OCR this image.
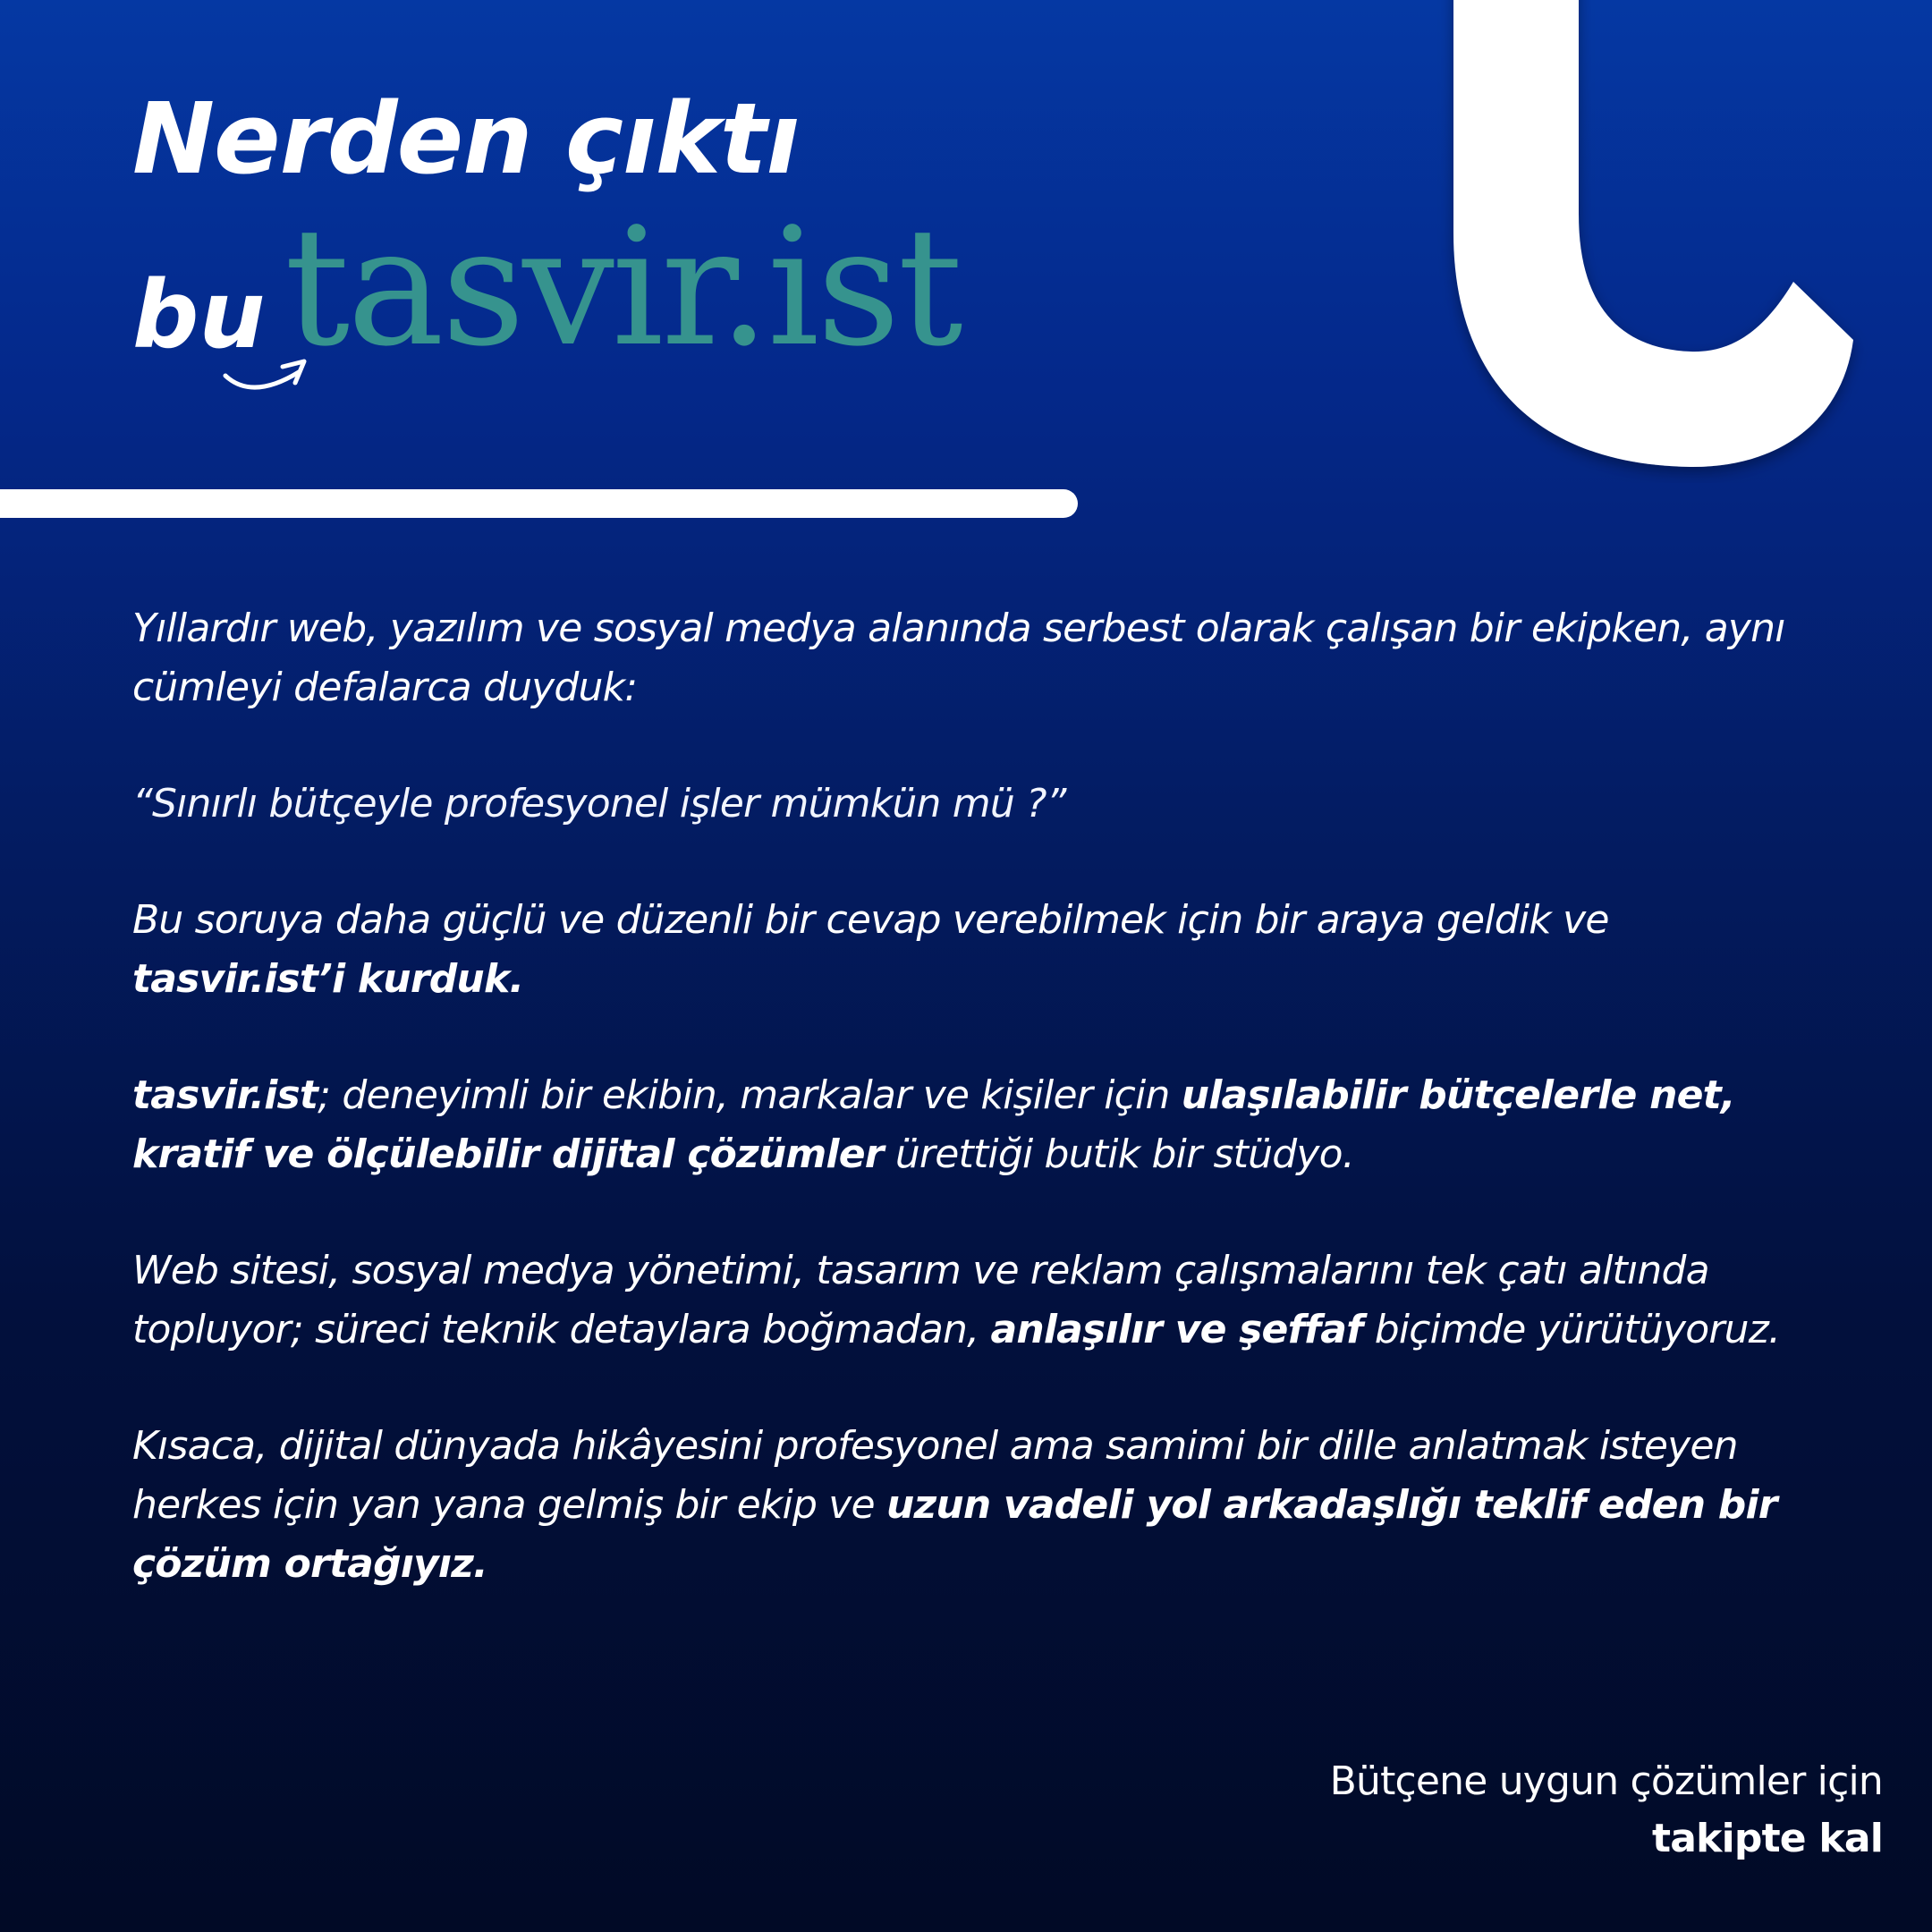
Nerden çıktı
bu tasvir.ist

Yıllardır web, yazılım ve sosyal medya alanında serbest olarak çalışan bir ekipken, aynı cümleyi defalarca duyduk:

“Sınırlı bütçeyle profesyonel işler mümkün mü ?”

Bu soruya daha güçlü ve düzenli bir cevap verebilmek için bir araya geldik ve tasvir.ist’i kurduk.

tasvir.ist; deneyimli bir ekibin, markalar ve kişiler için ulaşılabilir bütçelerle net, kratif ve ölçülebilir dijital çözümler ürettiği butik bir stüdyo.

Web sitesi, sosyal medya yönetimi, tasarım ve reklam çalışmalarını tek çatı altında topluyor; süreci teknik detaylara boğmadan, anlaşılır ve şeffaf biçimde yürütüyoruz.

Kısaca, dijital dünyada hikâyesini profesyonel ama samimi bir dille anlatmak isteyen herkes için yan yana gelmiş bir ekip ve uzun vadeli yol arkadaşlığı teklif eden bir çözüm ortağıyız.

Bütçene uygun çözümler için
takipte kal
